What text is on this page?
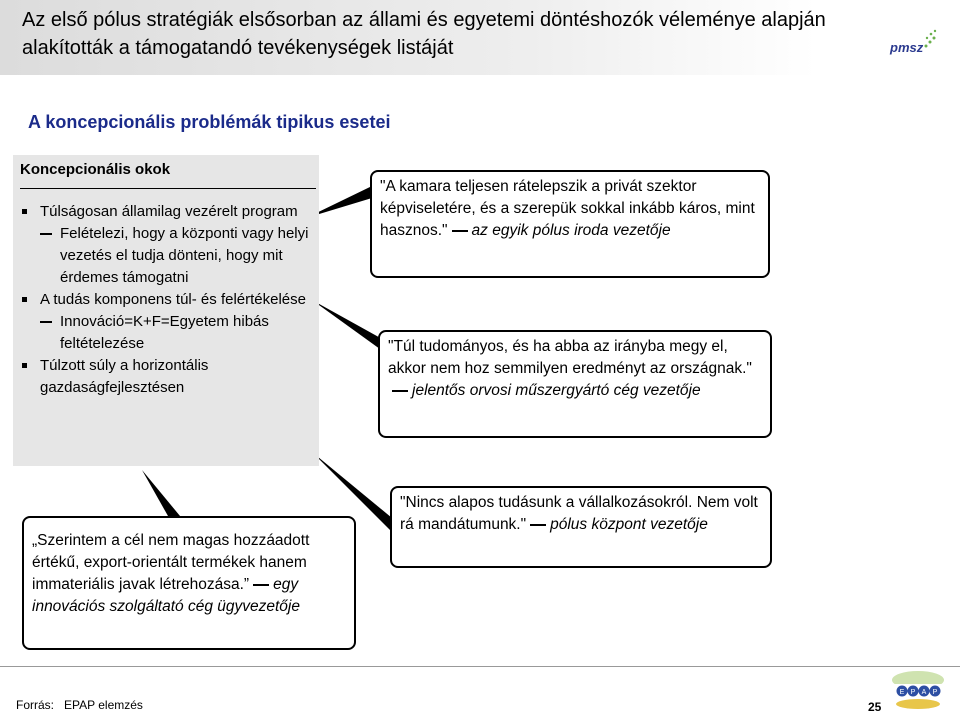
Az első pólus stratégiák elsősorban az állami és egyetemi döntéshozók véleménye alapján alakították a támogatandó tevékenységek listáját	pmsz
A koncepcionális problémák tipikus esetei
Koncepcionális okok
Túlságosan államilag vezérelt program
Felételezi, hogy a központi vagy helyi vezetés el tudja dönteni, hogy mit érdemes támogatni
A tudás komponens túl- és felértékelése
Innováció=K+F=Egyetem hibás feltételezése
Túlzott súly a horizontális gazdaságfejlesztésen
"A kamara teljesen rátelepszik a privát szektor képviseletére, és a szerepük sokkal inkább káros, mint hasznos." az egyik pólus iroda vezetője
"Túl tudományos, és ha abba az irányba megy el, akkor nem hoz semmilyen eredményt az országnak."jelentős orvosi műszergyártó cég vezetője
"Nincs alapos tudásunk a vállalkozásokról. Nem volt rá mandátumunk." pólus központ vezetője
„Szerintem a cél nem magas hozzáadott értékű, export-orientált termékek hanem immateriális javak létrehozása.” egy innovációs szolgáltató cég ügyvezetője
Forrás: EPAP elemzés	25
E P A P
